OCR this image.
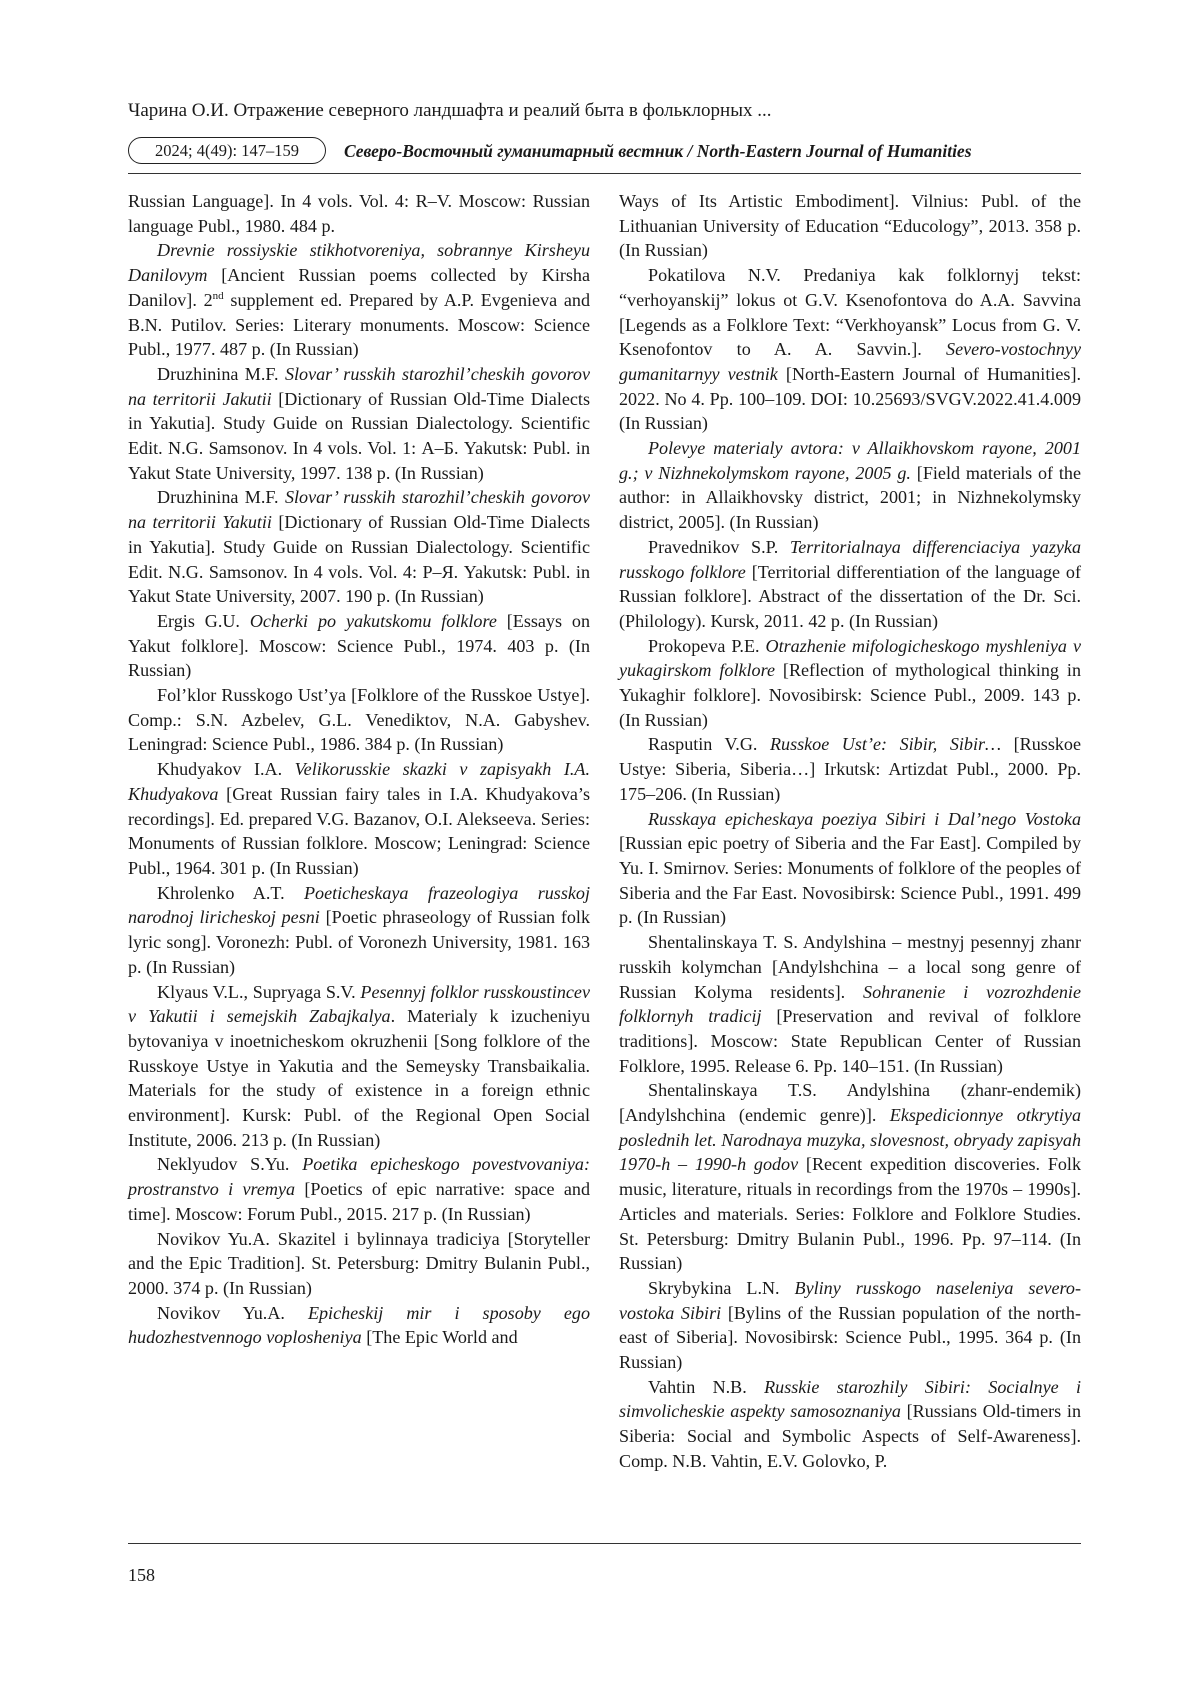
Чарина О.И. Отражение северного ландшафта и реалий быта в фольклорных ...
2024; 4(49): 147–159	Северо-Восточный гуманитарный вестник / North-Eastern Journal of Humanities

Russian Language]. In 4 vols. Vol. 4: R–V. Moscow: Russian language Publ., 1980. 484 p.

Drevnie rossiyskie stikhotvoreniya, sobrannye Kirsheyu Danilovym [Ancient Russian poems collected by Kirsha Danilov]. 2nd supplement ed. Prepared by A.P. Evgenieva and B.N. Putilov. Series: Literary monuments. Moscow: Science Publ., 1977. 487 p. (In Russian)

Druzhinina M.F. Slovar’ russkih starozhil’cheskih govorov na territorii Jakutii [Dictionary of Russian Old-Time Dialects in Yakutia]. Study Guide on Russian Dialectology. Scientific Edit. N.G. Samsonov. In 4 vols. Vol. 1: А–Б. Yakutsk: Publ. in Yakut State University, 1997. 138 p. (In Russian)

Druzhinina M.F. Slovar’ russkih starozhil’cheskih govorov na territorii Yakutii [Dictionary of Russian Old-Time Dialects in Yakutia]. Study Guide on Russian Dialectology. Scientific Edit. N.G. Samsonov. In 4 vols. Vol. 4: Р–Я. Yakutsk: Publ. in Yakut State University, 2007. 190 p. (In Russian)

Ergis G.U. Ocherki po yakutskomu folklore [Essays on Yakut folklore]. Moscow: Science Publ., 1974. 403 p. (In Russian)

Fol’klor Russkogo Ust’ya [Folklore of the Russkoe Ustye]. Comp.: S.N. Azbelev, G.L. Venediktov, N.A. Gabyshev. Leningrad: Science Publ., 1986. 384 p. (In Russian)

Khudyakov I.A. Velikorusskie skazki v zapisyakh I.A. Khudyakova [Great Russian fairy tales in I.A. Khudyakova’s recordings]. Ed. prepared V.G. Bazanov, O.I. Alekseeva. Series: Monuments of Russian folklore. Moscow; Leningrad: Science Publ., 1964. 301 p. (In Russian)

Khrolenko A.T. Poeticheskaya frazeologiya russkoj narodnoj liricheskoj pesni [Poetic phraseology of Russian folk lyric song]. Voronezh: Publ. of Voronezh University, 1981. 163 p. (In Russian)

Klyaus V.L., Supryaga S.V. Pesennyj folklor russkoustincev v Yakutii i semejskih Zabajkalya. Materialy k izucheniyu bytovaniya v inoetnicheskom okruzhenii [Song folklore of the Russkoye Ustye in Yakutia and the Semeysky Transbaikalia. Materials for the study of existence in a foreign ethnic environment]. Kursk: Publ. of the Regional Open Social Institute, 2006. 213 p. (In Russian)

Neklyudov S.Yu. Poetika epicheskogo povestvovaniya: prostranstvo i vremya [Poetics of epic narrative: space and time]. Moscow: Forum Publ., 2015. 217 p. (In Russian)

Novikov Yu.A. Skazitel i bylinnaya tradiciya [Storyteller and the Epic Tradition]. St. Petersburg: Dmitry Bulanin Publ., 2000. 374 p. (In Russian)

Novikov Yu.A. Epicheskij mir i sposoby ego hudozhestvennogo voplosheniya [The Epic World and

Ways of Its Artistic Embodiment]. Vilnius: Publ. of the Lithuanian University of Education “Educology”, 2013. 358 p. (In Russian)

Pokatilova N.V. Predaniya kak folklornyj tekst: “verhoyanskij” lokus ot G.V. Ksenofontova do A.A. Savvina [Legends as a Folklore Text: “Verkhoyansk” Locus from G. V. Ksenofontov to A. A. Savvin.]. Severo-vostochnyy gumanitarnyy vestnik [North-Eastern Journal of Humanities]. 2022. No 4. Pp. 100–109. DOI: 10.25693/SVGV.2022.41.4.009 (In Russian)

Polevye materialy avtora: v Allaikhovskom rayone, 2001 g.; v Nizhnekolymskom rayone, 2005 g. [Field materials of the author: in Allaikhovsky district, 2001; in Nizhnekolymsky district, 2005]. (In Russian)

Pravednikov S.P. Territorialnaya differenciaciya yazyka russkogo folklore [Territorial differentiation of the language of Russian folklore]. Abstract of the dissertation of the Dr. Sci. (Philology). Kursk, 2011. 42 p. (In Russian)

Prokopeva P.E. Otrazhenie mifologicheskogo myshleniya v yukagirskom folklore [Reflection of mythological thinking in Yukaghir folklore]. Novosibirsk: Science Publ., 2009. 143 p. (In Russian)

Rasputin V.G. Russkoe Ust’e: Sibir, Sibir… [Russkoe Ustye: Siberia, Siberia…] Irkutsk: Artizdat Publ., 2000. Pp. 175–206. (In Russian)

Russkaya epicheskaya poeziya Sibiri i Dal’nego Vostoka [Russian epic poetry of Siberia and the Far East]. Compiled by Yu. I. Smirnov. Series: Monuments of folklore of the peoples of Siberia and the Far East. Novosibirsk: Science Publ., 1991. 499 p. (In Russian)

Shentalinskaya T. S. Andylshina – mestnyj pesennyj zhanr russkih kolymchan [Andylshchina – a local song genre of Russian Kolyma residents]. Sohranenie i vozrozhdenie folklornyh tradicij [Preservation and revival of folklore traditions]. Moscow: State Republican Center of Russian Folklore, 1995. Release 6. Pp. 140–151. (In Russian)

Shentalinskaya T.S. Andylshina (zhanr-endemik) [Andylshchina (endemic genre)]. Ekspedicionnye otkrytiya poslednih let. Narodnaya muzyka, slovesnost, obryady zapisyah 1970-h – 1990-h godov [Recent expedition discoveries. Folk music, literature, rituals in recordings from the 1970s – 1990s]. Articles and materials. Series: Folklore and Folklore Studies. St. Petersburg: Dmitry Bulanin Publ., 1996. Pp. 97–114. (In Russian)

Skrybykina L.N. Byliny russkogo naseleniya severo-vostoka Sibiri [Bylins of the Russian population of the north-east of Siberia]. Novosibirsk: Science Publ., 1995. 364 p. (In Russian)

Vahtin N.B. Russkie starozhily Sibiri: Socialnye i simvolicheskie aspekty samosoznaniya [Russians Old-timers in Siberia: Social and Symbolic Aspects of Self-Awareness]. Comp. N.B. Vahtin, E.V. Golovko, P.

158
